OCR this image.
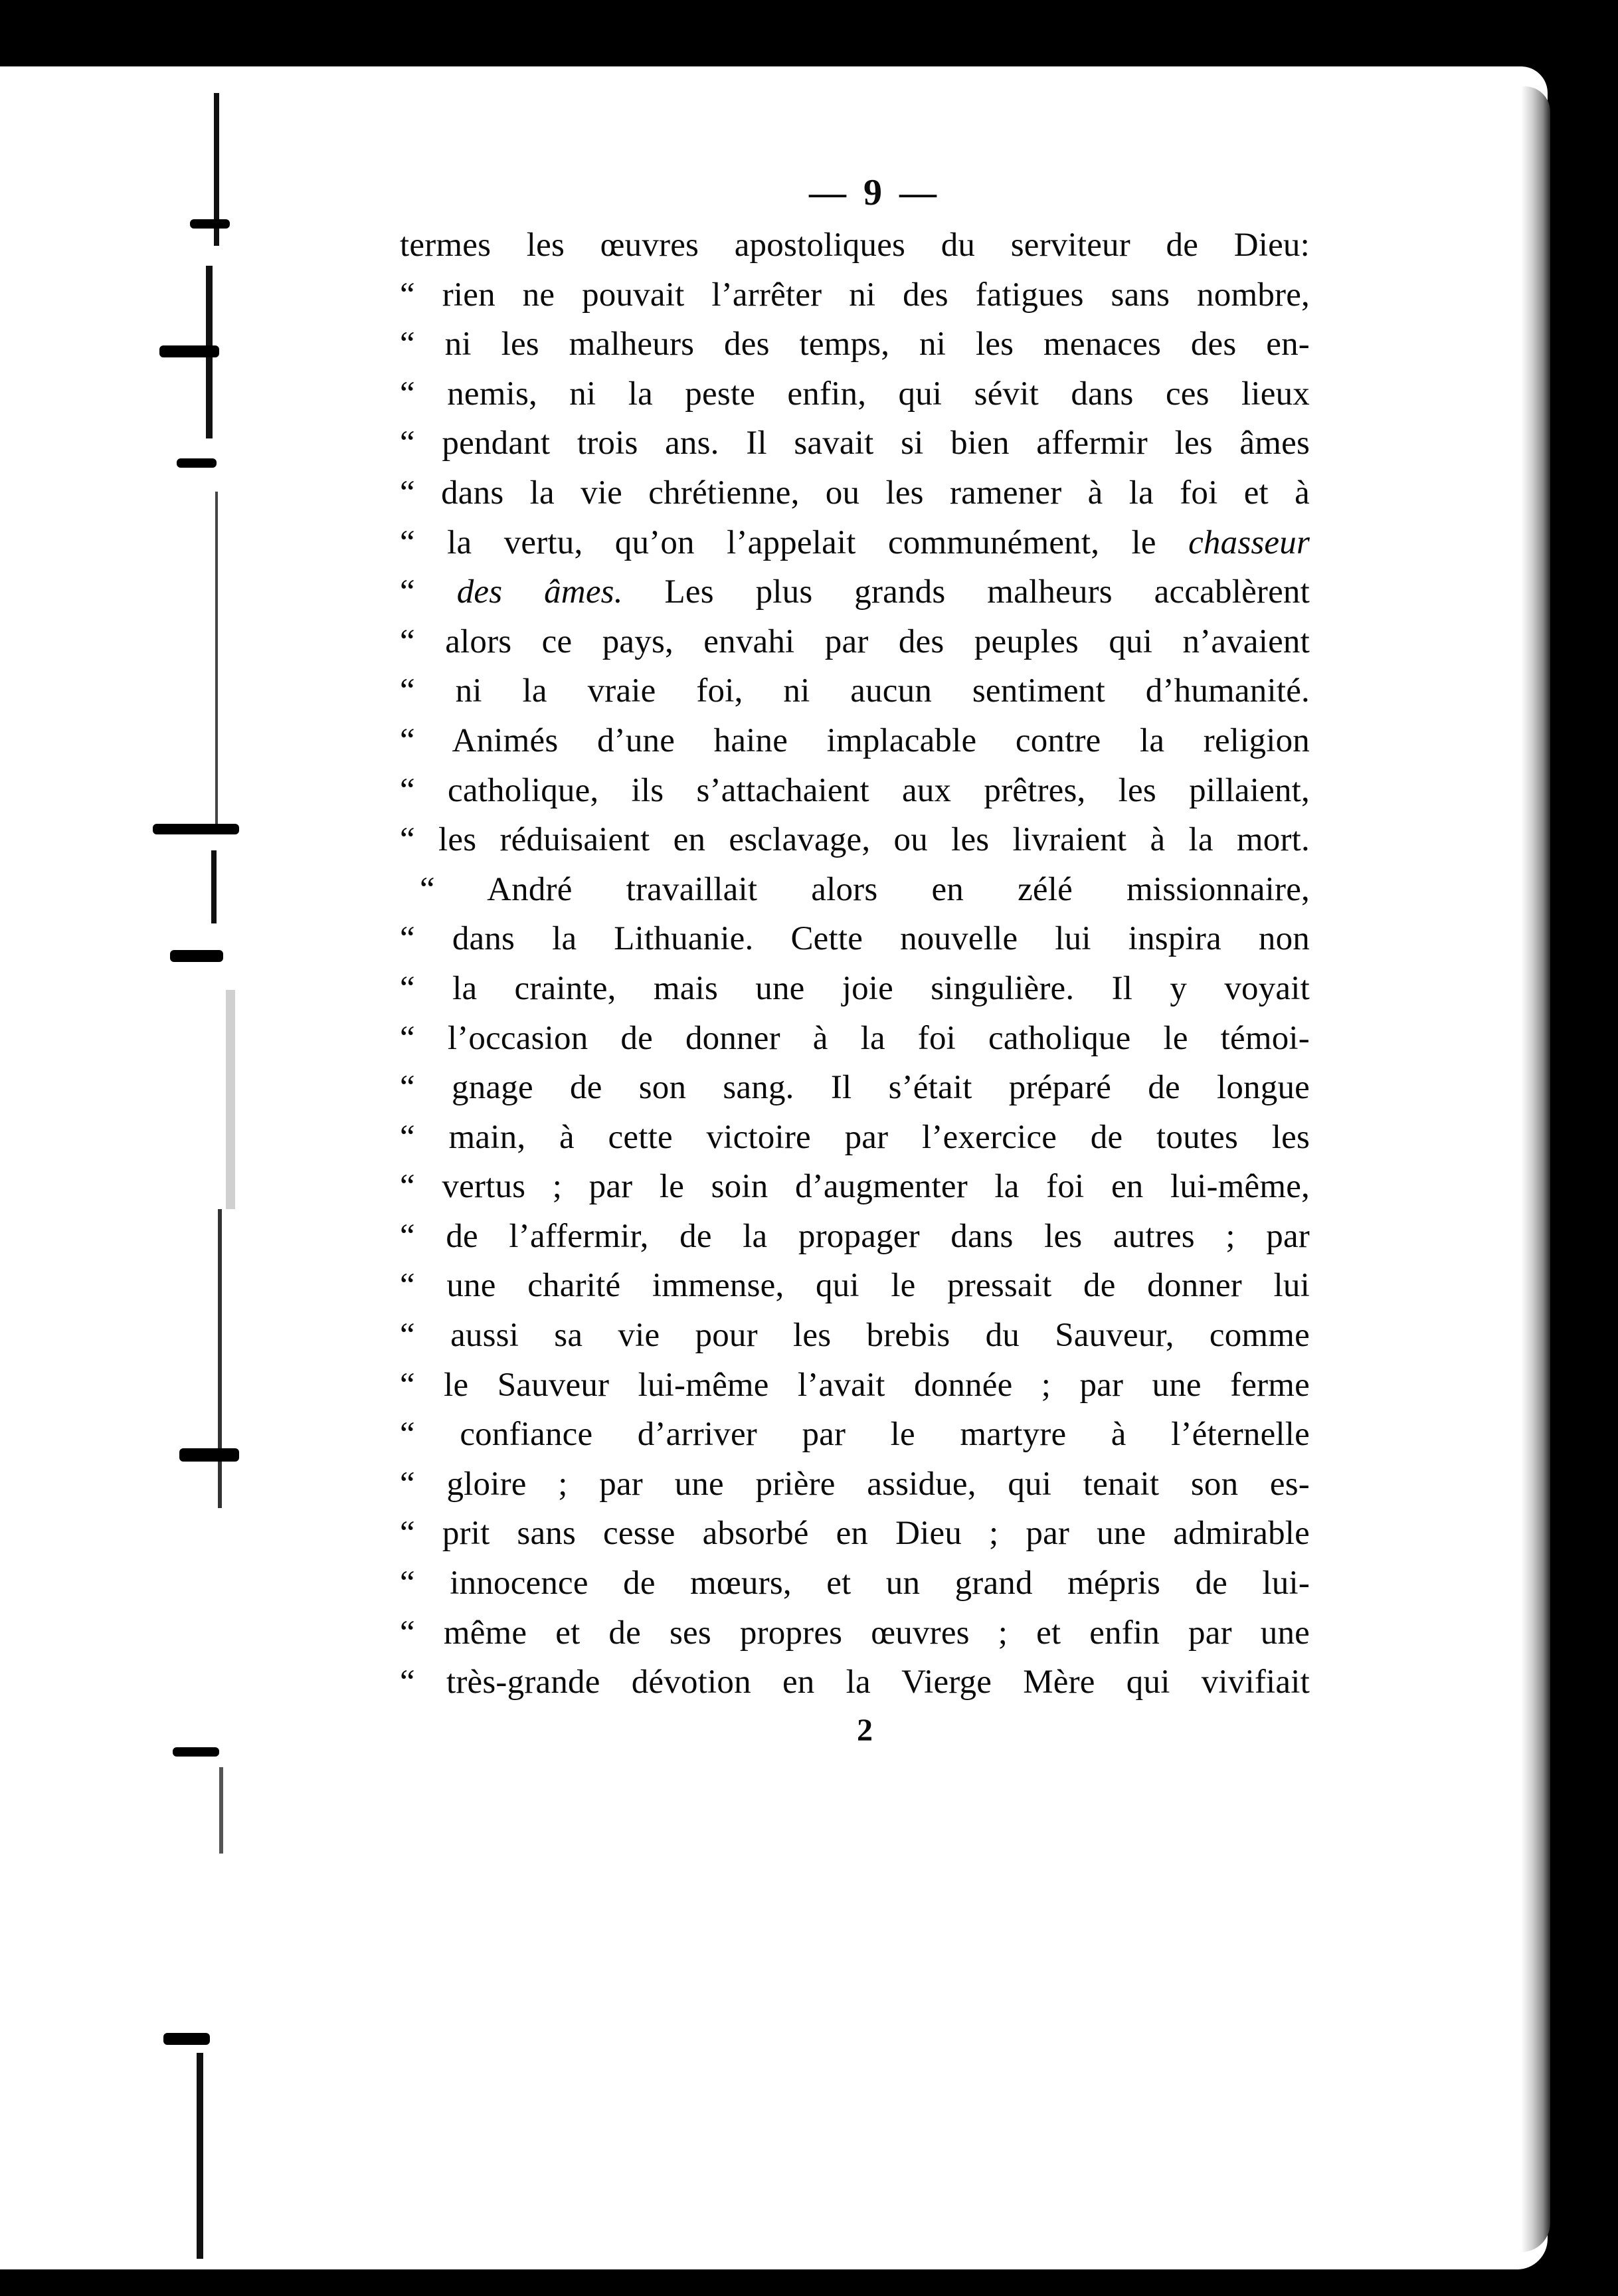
— 9 —
termes les œuvres apostoliques du serviteur de Dieu:
“ rien ne pouvait l’arrêter ni des fatigues sans nombre,
“ ni les malheurs des temps, ni les menaces des en-
“ nemis, ni la peste enfin, qui sévit dans ces lieux
“ pendant trois ans. Il savait si bien affermir les âmes
“ dans la vie chrétienne, ou les ramener à la foi et à
“ la vertu, qu’on l’appelait communément, le chasseur
“ des âmes. Les plus grands malheurs accablèrent
“ alors ce pays, envahi par des peuples qui n’avaient
“ ni la vraie foi, ni aucun sentiment d’humanité.
“ Animés d’une haine implacable contre la religion
“ catholique, ils s’attachaient aux prêtres, les pillaient,
“ les réduisaient en esclavage, ou les livraient à la mort.
“ André travaillait alors en zélé missionnaire,
“ dans la Lithuanie. Cette nouvelle lui inspira non
“ la crainte, mais une joie singulière. Il y voyait
“ l’occasion de donner à la foi catholique le témoi-
“ gnage de son sang. Il s’était préparé de longue
“ main, à cette victoire par l’exercice de toutes les
“ vertus ; par le soin d’augmenter la foi en lui-même,
“ de l’affermir, de la propager dans les autres ; par
“ une charité immense, qui le pressait de donner lui
“ aussi sa vie pour les brebis du Sauveur, comme
“ le Sauveur lui-même l’avait donnée ; par une ferme
“ confiance d’arriver par le martyre à l’éternelle
“ gloire ; par une prière assidue, qui tenait son es-
“ prit sans cesse absorbé en Dieu ; par une admirable
“ innocence de mœurs, et un grand mépris de lui-
“ même et de ses propres œuvres ; et enfin par une
“ très-grande dévotion en la Vierge Mère qui vivifiait
2
